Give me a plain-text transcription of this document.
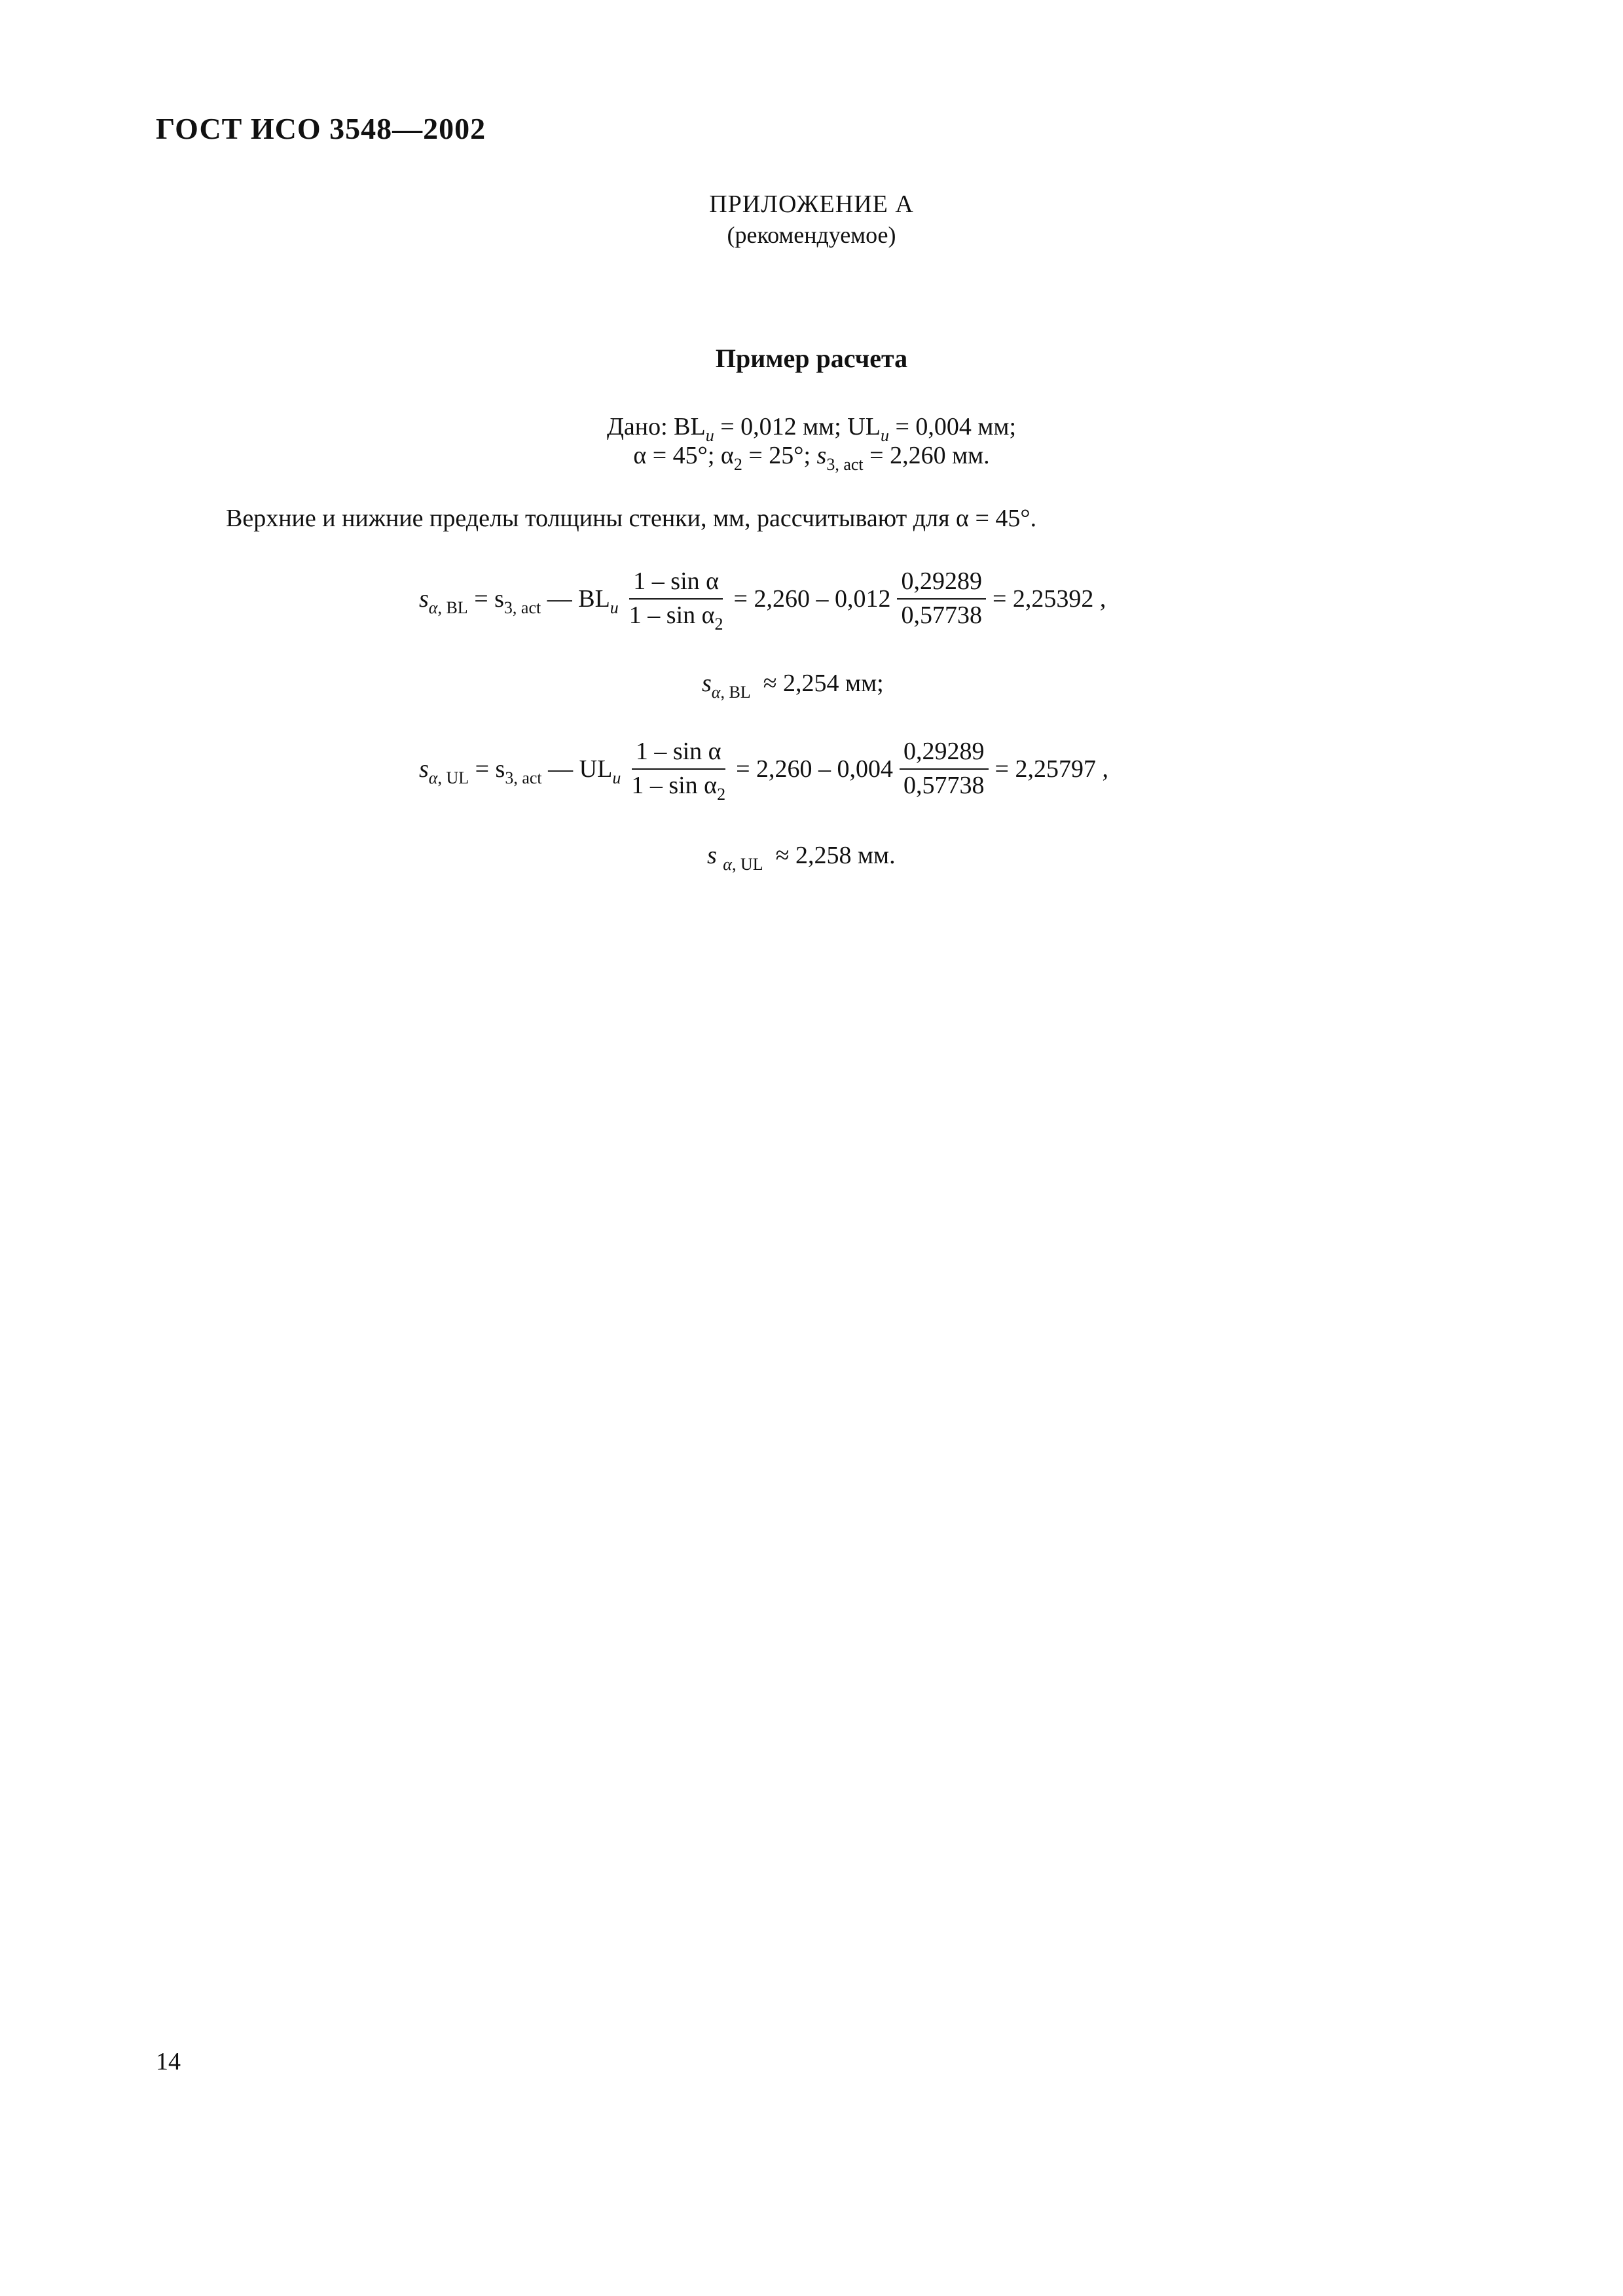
ГОСТ ИСО 3548—2002
ПРИЛОЖЕНИЕ А
(рекомендуемое)
Пример расчета
Дано: $BL_u = 0,012$ мм; $UL_u = 0,004$ мм;
α = 45°; $\alpha_2 = 25^\circ$; $s_{3, act} = 2,260$ мм.
Верхние и нижние пределы толщины стенки, мм, рассчитывают для α = 45°.
$s_{\alpha, BL} = s_{3, act}$ — $BL_u \frac{\text{1 – sin α}}{1 - \sin \alpha_2} = 2,260 - 0,012 \frac{0,29289}{0,57738} = 2,25392$ ,
$s_{\alpha, BL} \approx 2,254$ мм;
$s_{\alpha, UL} = s_{3, act}$ — $UL_u \frac{\text{1 – sin α}}{1 - \sin \alpha_2} = 2,260 - 0,004 \frac{0,29289}{0,57738} = 2,25797$ ,
s $_{\alpha, UL}$ ≈ 2,258 мм.
14
